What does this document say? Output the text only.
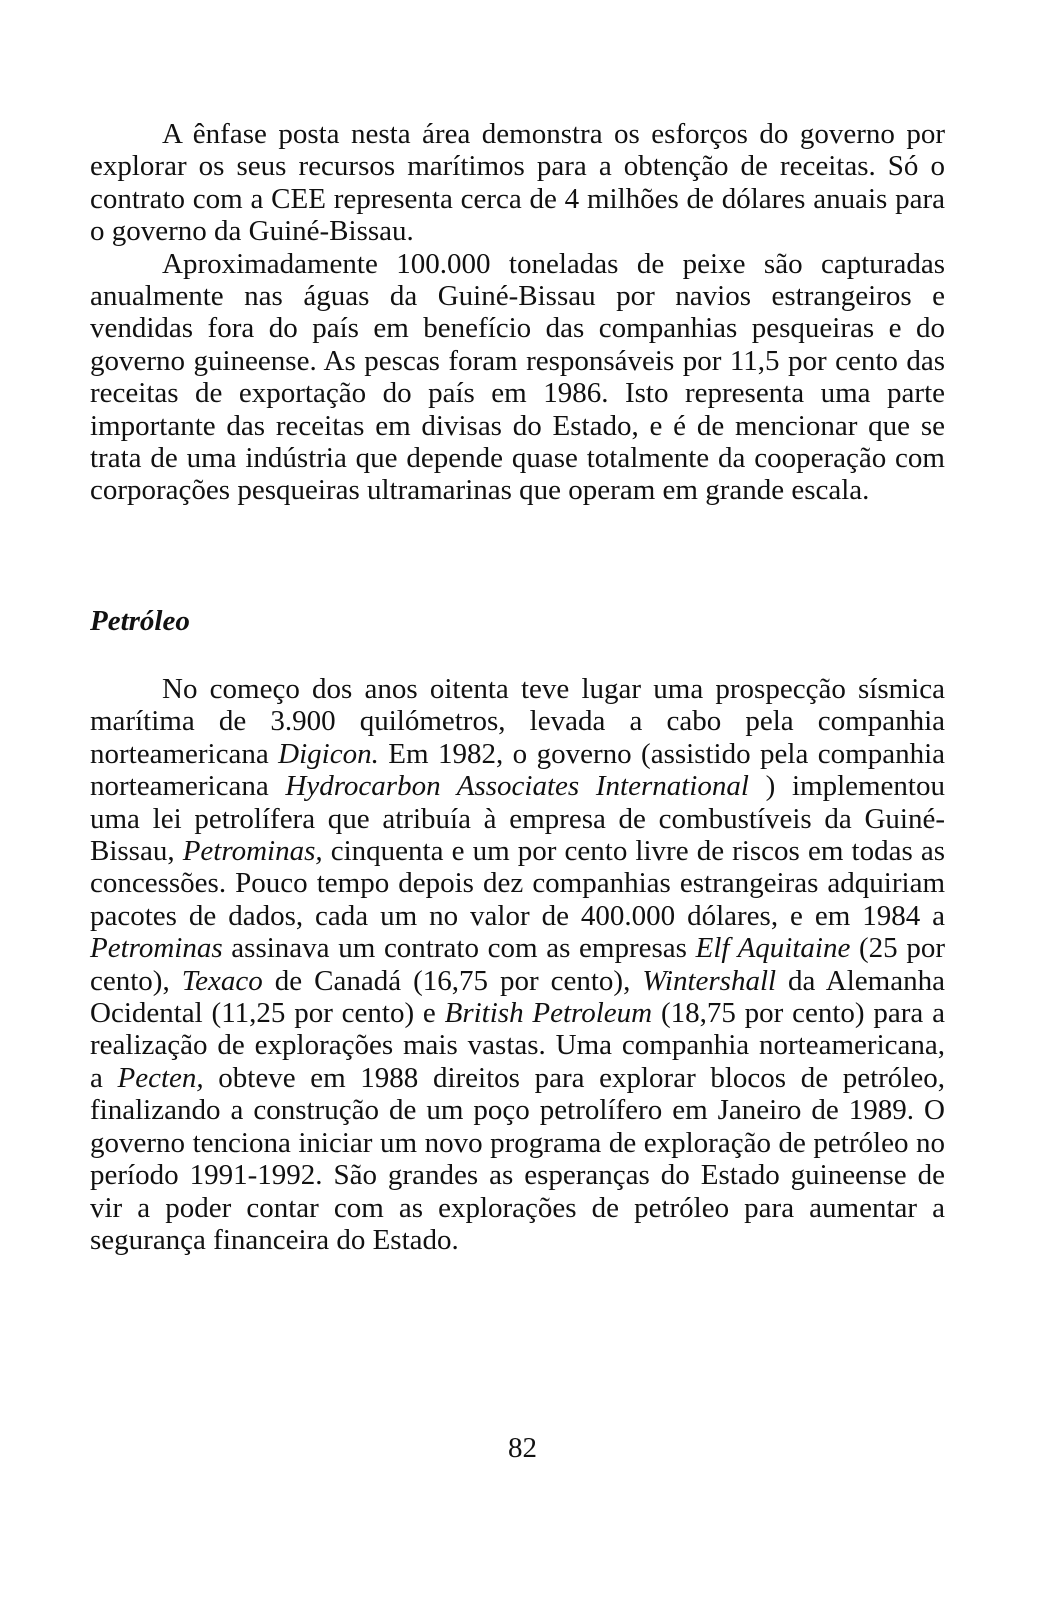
A ênfase posta nesta área demonstra os esforços do governo por explorar os seus recursos marítimos para a obtenção de receitas. Só o contrato com a CEE representa cerca de 4 milhões de dólares anuais para o governo da Guiné-Bissau.

Aproximadamente 100.000 toneladas de peixe são capturadas anualmente nas águas da Guiné-Bissau por navios estrangeiros e vendidas fora do país em benefício das companhias pesqueiras e do governo guineense. As pescas foram responsáveis por 11,5 por cento das receitas de exportação do país em 1986. Isto representa uma parte importante das receitas em divisas do Estado, e é de mencionar que se trata de uma indústria que depende quase totalmente da cooperação com corporações pesqueiras ultramarinas que operam em grande escala.

Petróleo

No começo dos anos oitenta teve lugar uma prospecção sísmica marítima de 3.900 quilómetros, levada a cabo pela companhia norteamericana Digicon. Em 1982, o governo (assistido pela companhia norteamericana Hydrocarbon Associates International ) implementou uma lei petrolífera que atribuía à empresa de combustíveis da Guiné-Bissau, Petrominas, cinquenta e um por cento livre de riscos em todas as concessões. Pouco tempo depois dez companhias estrangeiras adquiriam pacotes de dados, cada um no valor de 400.000 dólares, e em 1984 a Petrominas assinava um contrato com as empresas Elf Aquitaine (25 por cento), Texaco de Canadá (16,75 por cento), Wintershall da Alemanha Ocidental (11,25 por cento) e British Petroleum (18,75 por cento) para a realização de explorações mais vastas. Uma companhia norteamericana, a Pecten, obteve em 1988 direitos para explorar blocos de petróleo, finalizando a construção de um poço petrolífero em Janeiro de 1989. O governo tenciona iniciar um novo programa de exploração de petróleo no período 1991-1992. São grandes as esperanças do Estado guineense de vir a poder contar com as explorações de petróleo para aumentar a segurança financeira do Estado.

82
